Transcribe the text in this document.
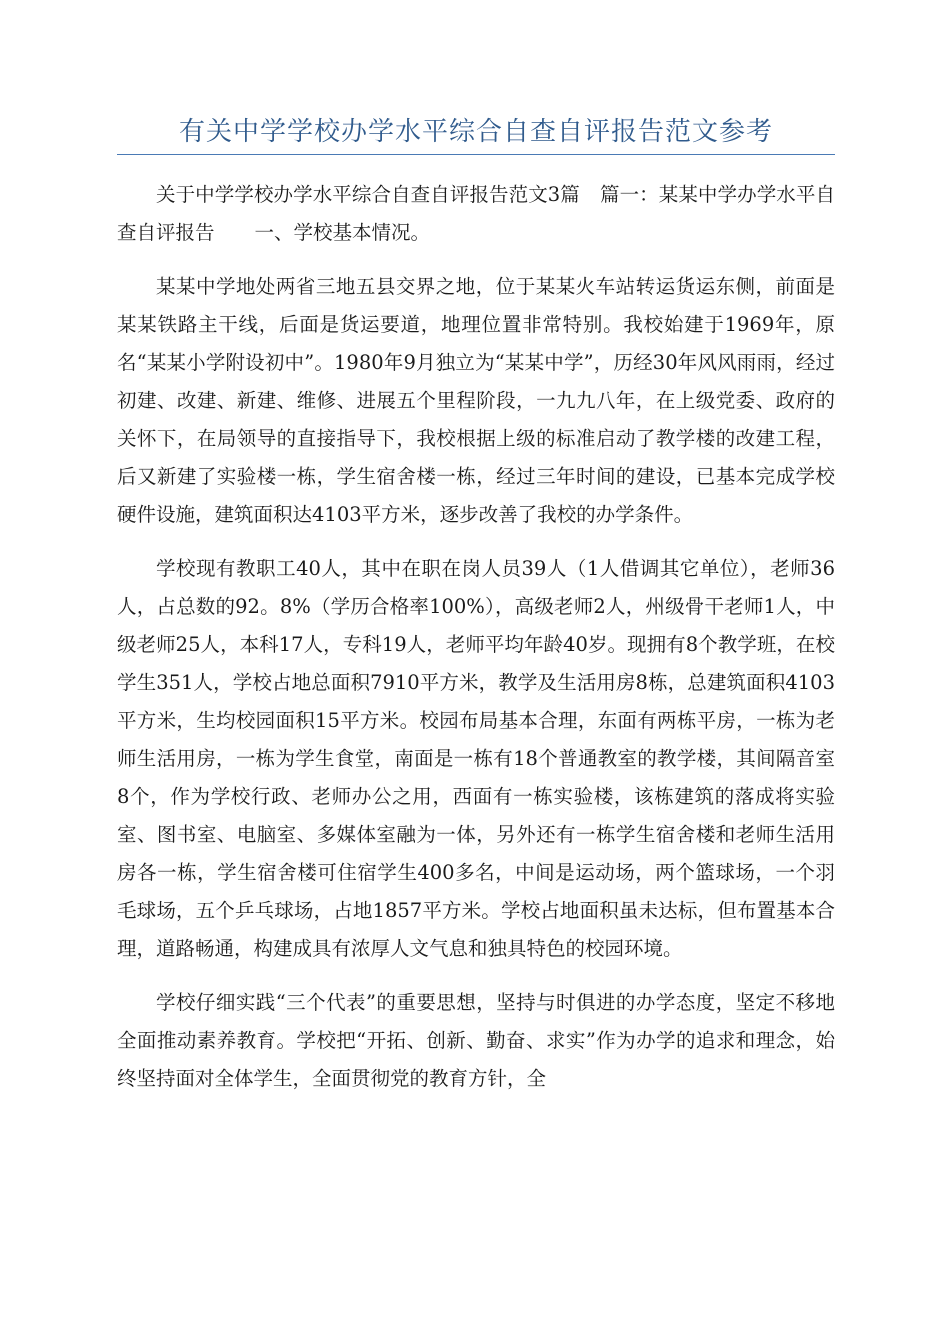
有关中学学校办学水平综合自查自评报告范文参考

关于中学学校办学水平综合自查自评报告范文3篇 篇一：某某中学办学水平自查自评报告 一、学校基本情况。

某某中学地处两省三地五县交界之地，位于某某火车站转运货运东侧，前面是某某铁路主干线，后面是货运要道，地理位置非常特别。我校始建于1969年，原名“某某小学附设初中”。1980年9月独立为“某某中学”，历经30年风风雨雨，经过初建、改建、新建、维修、进展五个里程阶段，一九九八年，在上级党委、政府的关怀下，在局领导的直接指导下，我校根据上级的标准启动了教学楼的改建工程，后又新建了实验楼一栋，学生宿舍楼一栋，经过三年时间的建设，已基本完成学校硬件设施，建筑面积达4103平方米，逐步改善了我校的办学条件。

学校现有教职工40人，其中在职在岗人员39人（1人借调其它单位），老师36人，占总数的92。8%（学历合格率100%），高级老师2人，州级骨干老师1人，中级老师25人，本科17人，专科19人，老师平均年龄40岁。现拥有8个教学班，在校学生351人，学校占地总面积7910平方米，教学及生活用房8栋，总建筑面积4103平方米，生均校园面积15平方米。校园布局基本合理，东面有两栋平房，一栋为老师生活用房，一栋为学生食堂，南面是一栋有18个普通教室的教学楼，其间隔音室8个，作为学校行政、老师办公之用，西面有一栋实验楼，该栋建筑的落成将实验室、图书室、电脑室、多媒体室融为一体，另外还有一栋学生宿舍楼和老师生活用房各一栋，学生宿舍楼可住宿学生400多名，中间是运动场，两个篮球场，一个羽毛球场，五个乒乓球场，占地1857平方米。学校占地面积虽未达标，但布置基本合理，道路畅通，构建成具有浓厚人文气息和独具特色的校园环境。

学校仔细实践“三个代表”的重要思想，坚持与时俱进的办学态度，坚定不移地全面推动素养教育。学校把“开拓、创新、勤奋、求实”作为办学的追求和理念，始终坚持面对全体学生，全面贯彻党的教育方针，全
